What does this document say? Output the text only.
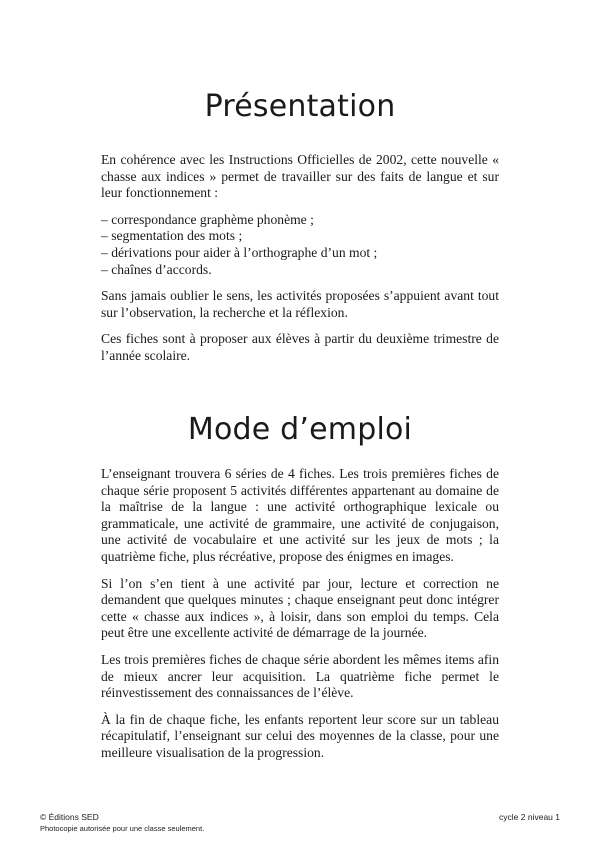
Présentation

En cohérence avec les Instructions Officielles de 2002, cette nouvelle « chasse aux indices » permet de travailler sur des faits de langue et sur leur fonctionnement :

– correspondance graphème phonème ;
– segmentation des mots ;
– dérivations pour aider à l’orthographe d’un mot ;
– chaînes d’accords.

Sans jamais oublier le sens, les activités proposées s’appuient avant tout sur l’observation, la recherche et la réflexion.

Ces fiches sont à proposer aux élèves à partir du deuxième trimestre de l’année scolaire.

Mode d’emploi

L’enseignant trouvera 6 séries de 4 fiches. Les trois premières fiches de chaque série proposent 5 activités différentes appartenant au domaine de la maîtrise de la langue : une activité orthographique lexicale ou grammaticale, une activité de grammaire, une activité de conjugaison, une activité de vocabulaire et une activité sur les jeux de mots ; la quatrième fiche, plus récréative, propose des énigmes en images.

Si l’on s’en tient à une activité par jour, lecture et correction ne demandent que quelques minutes ; chaque enseignant peut donc intégrer cette « chasse aux indices », à loisir, dans son emploi du temps. Cela peut être une excellente activité de démarrage de la journée.

Les trois premières fiches de chaque série abordent les mêmes items afin de mieux ancrer leur acquisition. La quatrième fiche permet le réinvestissement des connaissances de l’élève.

À la fin de chaque fiche, les enfants reportent leur score sur un tableau récapitulatif, l’enseignant sur celui des moyennes de la classe, pour une meilleure visualisation de la progression.

© Éditions SED
Photocopie autorisée pour une classe seulement.
cycle 2 niveau 1
